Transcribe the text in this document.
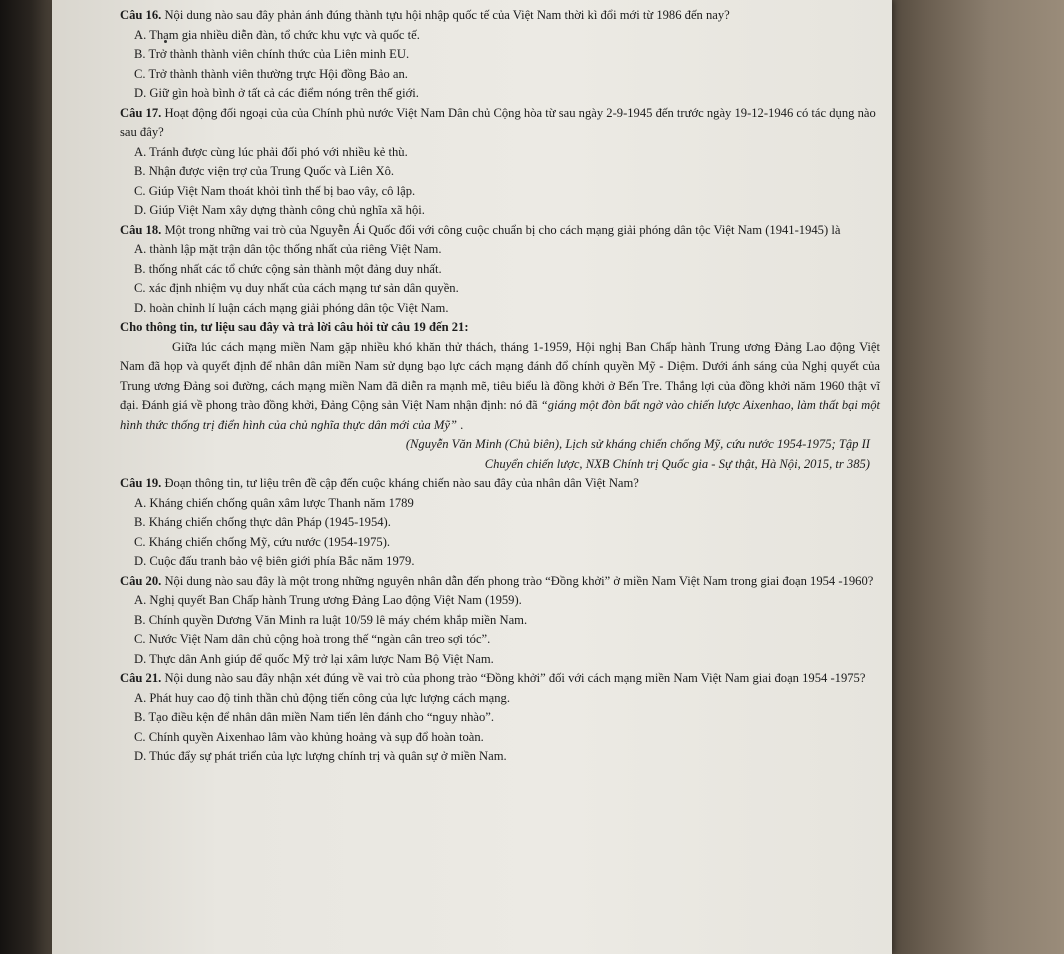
Câu 16. Nội dung nào sau đây phản ánh đúng thành tựu hội nhập quốc tế của Việt Nam thời kì đổi mới từ 1986 đến nay?

A. Tham gia nhiều diễn đàn, tổ chức khu vực và quốc tế.

B. Trở thành thành viên chính thức của Liên minh EU.

C. Trở thành thành viên thường trực Hội đồng Bảo an.

D. Giữ gìn hoà bình ở tất cả các điểm nóng trên thế giới.

Câu 17. Hoạt động đối ngoại của của Chính phủ nước Việt Nam Dân chủ Cộng hòa từ sau ngày 2-9-1945 đến trước ngày 19-12-1946 có tác dụng nào sau đây?

A. Tránh được cùng lúc phải đối phó với nhiều kẻ thù.

B. Nhận được viện trợ của Trung Quốc và Liên Xô.

C. Giúp Việt Nam thoát khỏi tình thế bị bao vây, cô lập.

D. Giúp Việt Nam xây dựng thành công chủ nghĩa xã hội.

Câu 18. Một trong những vai trò của Nguyễn Ái Quốc đối với công cuộc chuẩn bị cho cách mạng giải phóng dân tộc Việt Nam (1941-1945) là

A. thành lập mặt trận dân tộc thống nhất của riêng Việt Nam.

B. thống nhất các tổ chức cộng sản thành một đảng duy nhất.

C. xác định nhiệm vụ duy nhất của cách mạng tư sản dân quyền.

D. hoàn chỉnh lí luận cách mạng giải phóng dân tộc Việt Nam.

Cho thông tin, tư liệu sau đây và trả lời câu hỏi từ câu 19 đến 21:

Giữa lúc cách mạng miền Nam gặp nhiều khó khăn thử thách, tháng 1-1959, Hội nghị Ban Chấp hành Trung ương Đảng Lao động Việt Nam đã họp và quyết định để nhân dân miền Nam sử dụng bạo lực cách mạng đánh đổ chính quyền Mỹ - Diệm. Dưới ánh sáng của Nghị quyết của Trung ương Đảng soi đường, cách mạng miền Nam đã diễn ra mạnh mẽ, tiêu biểu là đồng khởi ở Bến Tre. Thắng lợi của đồng khởi năm 1960 thật vĩ đại. Đánh giá về phong trào đồng khởi, Đảng Cộng sản Việt Nam nhận định: nó đã “giáng một đòn bất ngờ vào chiến lược Aixenhao, làm thất bại một hình thức thống trị điển hình của chủ nghĩa thực dân mới của Mỹ” .

(Nguyễn Văn Minh (Chủ biên), Lịch sử kháng chiến chống Mỹ, cứu nước 1954-1975; Tập II

Chuyển chiến lược, NXB Chính trị Quốc gia - Sự thật, Hà Nội, 2015, tr 385)

Câu 19. Đoạn thông tin, tư liệu trên đề cập đến cuộc kháng chiến nào sau đây của nhân dân Việt Nam?

A. Kháng chiến chống quân xâm lược Thanh năm 1789

B. Kháng chiến chống thực dân Pháp (1945-1954).

C. Kháng chiến chống Mỹ, cứu nước (1954-1975).

D. Cuộc đấu tranh bảo vệ biên giới phía Bắc năm 1979.

Câu 20. Nội dung nào sau đây là một trong những nguyên nhân dẫn đến phong trào “Đồng khởi” ở miền Nam Việt Nam trong giai đoạn 1954 -1960?

A. Nghị quyết Ban Chấp hành Trung ương Đảng Lao động Việt Nam (1959).

B. Chính quyền Dương Văn Minh ra luật 10/59 lê máy chém khắp miền Nam.

C. Nước Việt Nam dân chủ cộng hoà trong thế “ngàn cân treo sợi tóc”.

D. Thực dân Anh giúp để quốc Mỹ trở lại xâm lược Nam Bộ Việt Nam.

Câu 21. Nội dung nào sau đây nhận xét đúng về vai trò của phong trào “Đồng khởi” đối với cách mạng miền Nam Việt Nam giai đoạn 1954 -1975?

A. Phát huy cao độ tinh thần chủ động tiến công của lực lượng cách mạng.

B. Tạo điều kện để nhân dân miền Nam tiến lên đánh cho “nguy nhào”.

C. Chính quyền Aixenhao lâm vào khủng hoảng và sụp đổ hoàn toàn.

D. Thúc đẩy sự phát triển của lực lượng chính trị và quân sự ở miền Nam.
